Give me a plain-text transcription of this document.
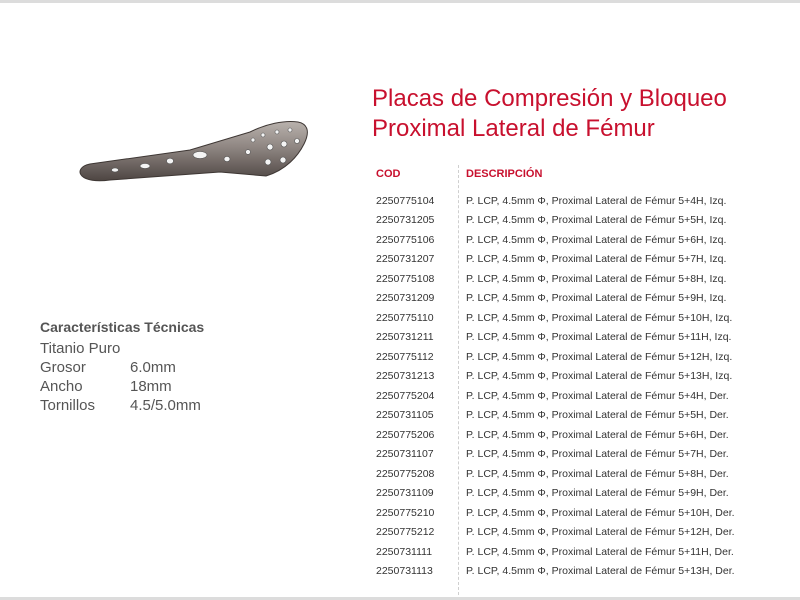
Placas de Compresión y Bloqueo
Proximal Lateral de Fémur
Características Técnicas
Titanio Puro
Grosor	6.0mm
Ancho	18mm
Tornillos	4.5/5.0mm
COD	DESCRIPCIÓN
2250775104	P. LCP, 4.5mm Φ, Proximal Lateral de Fémur 5+4H, Izq.
2250731205	P. LCP, 4.5mm Φ, Proximal Lateral de Fémur 5+5H, Izq.
2250775106	P. LCP, 4.5mm Φ, Proximal Lateral de Fémur 5+6H, Izq.
2250731207	P. LCP, 4.5mm Φ, Proximal Lateral de Fémur 5+7H, Izq.
2250775108	P. LCP, 4.5mm Φ, Proximal Lateral de Fémur 5+8H, Izq.
2250731209	P. LCP, 4.5mm Φ, Proximal Lateral de Fémur 5+9H, Izq.
2250775110	P. LCP, 4.5mm Φ, Proximal Lateral de Fémur 5+10H, Izq.
2250731211	P. LCP, 4.5mm Φ, Proximal Lateral de Fémur 5+11H, Izq.
2250775112	P. LCP, 4.5mm Φ, Proximal Lateral de Fémur 5+12H, Izq.
2250731213	P. LCP, 4.5mm Φ, Proximal Lateral de Fémur 5+13H, Izq.
2250775204	P. LCP, 4.5mm Φ, Proximal Lateral de Fémur 5+4H, Der.
2250731105	P. LCP, 4.5mm Φ, Proximal Lateral de Fémur 5+5H, Der.
2250775206	P. LCP, 4.5mm Φ, Proximal Lateral de Fémur 5+6H, Der.
2250731107	P. LCP, 4.5mm Φ, Proximal Lateral de Fémur 5+7H, Der.
2250775208	P. LCP, 4.5mm Φ, Proximal Lateral de Fémur 5+8H, Der.
2250731109	P. LCP, 4.5mm Φ, Proximal Lateral de Fémur 5+9H, Der.
2250775210	P. LCP, 4.5mm Φ, Proximal Lateral de Fémur 5+10H, Der.
2250775212	P. LCP, 4.5mm Φ, Proximal Lateral de Fémur 5+12H, Der.
2250731111	P. LCP, 4.5mm Φ, Proximal Lateral de Fémur 5+11H, Der.
2250731113	P. LCP, 4.5mm Φ, Proximal Lateral de Fémur 5+13H, Der.
